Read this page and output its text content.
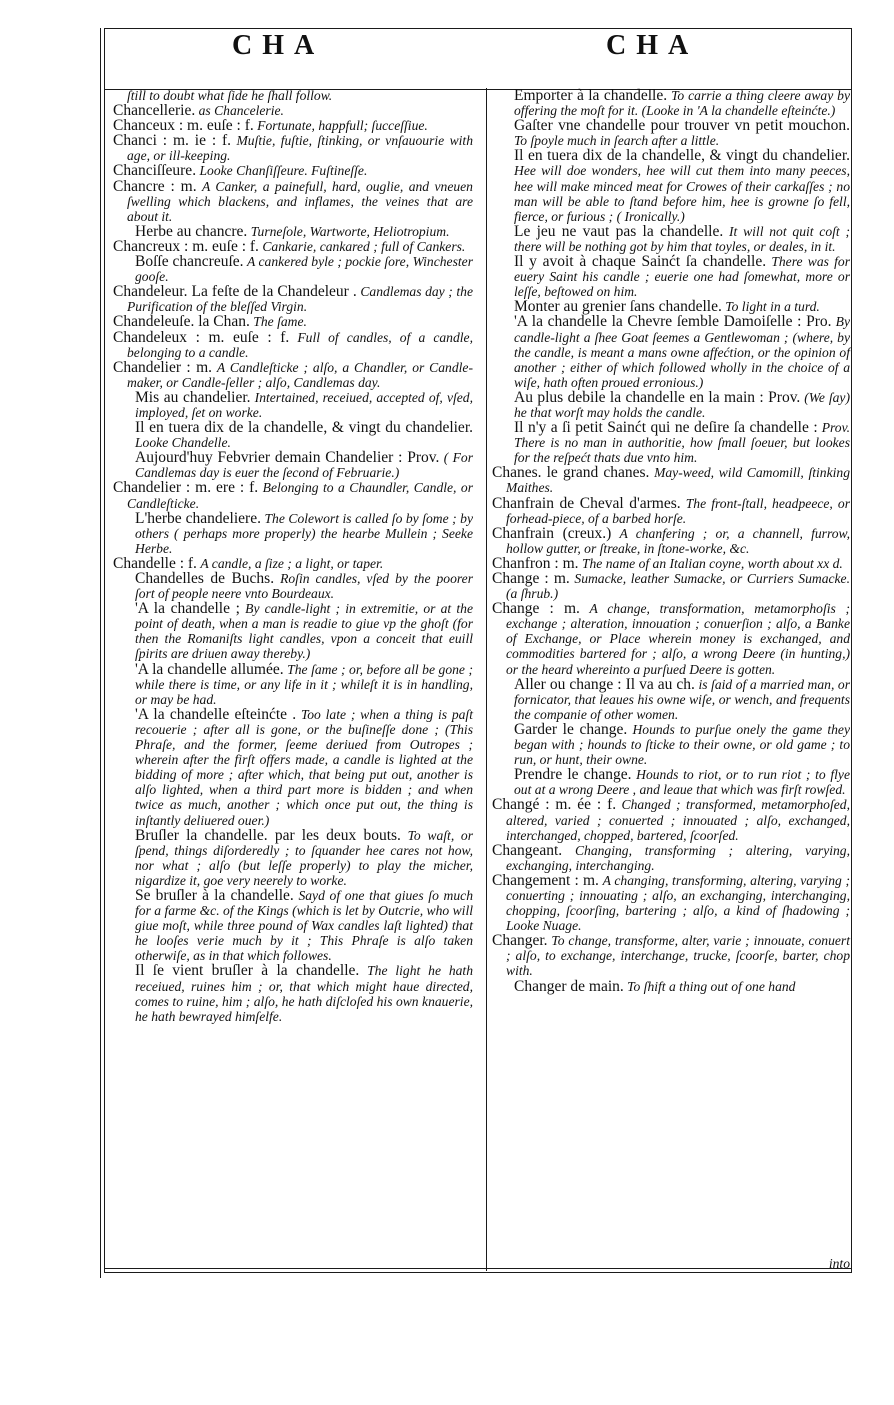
CHA	CHA
ſtill to doubt what ſide he ſhall follow.
Chancellerie. as Chancelerie.
Chanceux : m. euſe : f. Fortunate, happfull; ſucceſſiue.
Chanci : m. ie : f. Muſtie, fuſtie, ſtinking, or vnſauourie with age, or ill-keeping.
Chanciſſeure. Looke Chanſiſſeure. Fuſtineſſe.
Chancre : m. A Canker, a painefull, hard, ouglie, and vneuen ſwelling which blackens, and inflames, the veines that are about it.
Herbe au chancre. Turneſole, Wartworte, Heliotropium.
Chancreux : m. euſe : f. Cankarie, cankared ; full of Cankers.
Boſſe chancreuſe. A cankered byle ; pockie ſore, Winchester gooſe.
Chandeleur. La feſte de la Chandeleur . Candlemas day ; the Purification of the bleſſed Virgin.
Chandeleuſe. la Chan. The ſame.
Chandeleux : m. euſe : f. Full of candles, of a candle, belonging to a candle.
Chandelier : m. A Candleſticke ; alſo, a Chandler, or Candle-maker, or Candle-ſeller ; alſo, Candlemas day.
Mis au chandelier. Intertained, receiued, accepted of, vſed, imployed, ſet on worke.
Il en tuera dix de la chandelle, & vingt du chandelier. Looke Chandelle.
Aujourd'huy Febvrier demain Chandelier : Prov. ( For Candlemas day is euer the ſecond of Februarie.)
Chandelier : m. ere : f. Belonging to a Chaundler, Candle, or Candleſticke.
L'herbe chandeliere. The Colewort is called ſo by ſome ; by others ( perhaps more properly) the hearbe Mullein ; Seeke Herbe.
Chandelle : f. A candle, a ſize ; a light, or taper.
Chandelles de Buchs. Roſin candles, vſed by the poorer ſort of people neere vnto Bourdeaux.
'A la chandelle ; By candle-light ; in extremitie, or at the point of death, when a man is readie to giue vp the ghoſt (for then the Romaniſts light candles, vpon a conceit that euill ſpirits are driuen away thereby.)
'A la chandelle allumée. The ſame ; or, before all be gone ; while there is time, or any life in it ; whileſt it is in handling, or may be had.
'A la chandelle eſteinćte . Too late ; when a thing is paſt recouerie ; after all is gone, or the buſineſſe done ; (This Phraſe, and the former, ſeeme deriued from Outropes ; wherein after the firſt offers made, a candle is lighted at the bidding of more ; after which, that being put out, another is alſo lighted, when a third part more is bidden ; and when twice as much, another ; which once put out, the thing is inſtantly deliuered ouer.)
Bruſler la chandelle. par les deux bouts. To waſt, or ſpend, things diſorderedly ; to ſquander hee cares not how, nor what ; alſo (but leſſe properly) to play the micher, nigardize it, goe very neerely to worke.
Se bruſler à la chandelle. Sayd of one that giues ſo much for a farme &c. of the Kings (which is let by Outcrie, who will giue moſt, while three pound of Wax candles laſt lighted) that he looſes verie much by it ; This Phraſe is alſo taken otherwiſe, as in that which followes.
Il ſe vient bruſler à la chandelle. The light he hath receiued, ruines him ; or, that which might haue directed, comes to ruine, him ; alſo, he hath diſcloſed his own knauerie, he hath bewrayed himſelfe.
Emporter à la chandelle. To carrie a thing cleere away by offering the moſt for it. (Looke in 'A la chandelle eſteinćte.)
Gaſter vne chandelle pour trouver vn petit mouchon. To ſpoyle much in ſearch after a little.
Il en tuera dix de la chandelle, & vingt du chandelier. Hee will doe wonders, hee will cut them into many peeces, hee will make minced meat for Crowes of their carkaſſes ; no man will be able to ſtand before him, hee is growne ſo fell, fierce, or furious ; ( Ironically.)
Le jeu ne vaut pas la chandelle. It will not quit coſt ; there will be nothing got by him that toyles, or deales, in it.
Il y avoit à chaque Sainćt ſa chandelle. There was for euery Saint his candle ; euerie one had ſomewhat, more or leſſe, beſtowed on him.
Monter au grenier ſans chandelle. To light in a turd.
'A la chandelle la Chevre ſemble Damoiſelle : Pro. By candle-light a ſhee Goat ſeemes a Gentlewoman ; (where, by the candle, is meant a mans owne affećtion, or the opinion of another ; either of which followed wholly in the choice of a wiſe, hath often proued erronious.)
Au plus debile la chandelle en la main : Prov. (We ſay) he that worſt may holds the candle.
Il n'y a ſi petit Sainćt qui ne deſire ſa chandelle : Prov. There is no man in authoritie, how ſmall ſoeuer, but lookes for the reſpećt thats due vnto him.
Chanes. le grand chanes. May-weed, wild Camomill, ſtinking Maithes.
Chanfrain de Cheval d'armes. The front-ſtall, headpeece, or forhead-piece, of a barbed horſe.
Chanfrain (creux.) A chanfering ; or, a channell, furrow, hollow gutter, or ſtreake, in ſtone-worke, &c.
Chanfron : m. The name of an Italian coyne, worth about xx d.
Change : m. Sumacke, leather Sumacke, or Curriers Sumacke. (a ſhrub.)
Change : m. A change, transformation, metamorphoſis ; exchange ; alteration, innouation ; conuerſion ; alſo, a Banke of Exchange, or Place wherein money is exchanged, and commodities bartered for ; alſo, a wrong Deere (in hunting,) or the heard whereinto a purſued Deere is gotten.
Aller ou change : Il va au ch. is ſaid of a married man, or fornicator, that leaues his owne wiſe, or wench, and frequents the companie of other women.
Garder le change. Hounds to purſue onely the game they began with ; hounds to ſticke to their owne, or old game ; to run, or hunt, their owne.
Prendre le change. Hounds to riot, or to run riot ; to flye out at a wrong Deere , and leaue that which was firſt rowſed.
Changé : m. ée : f. Changed ; transformed, metamorphoſed, altered, varied ; conuerted ; innouated ; alſo, exchanged, interchanged, chopped, bartered, ſcoorſed.
Changeant. Changing, transforming ; altering, varying, exchanging, interchanging.
Changement : m. A changing, transforming, altering, varying ; conuerting ; innouating ; alſo, an exchanging, interchanging, chopping, ſcoorſing, bartering ; alſo, a kind of ſhadowing ; Looke Nuage.
Changer. To change, transforme, alter, varie ; innouate, conuert ; alſo, to exchange, interchange, trucke, ſcoorſe, barter, chop with.
Changer de main. To ſhift a thing out of one hand
into
